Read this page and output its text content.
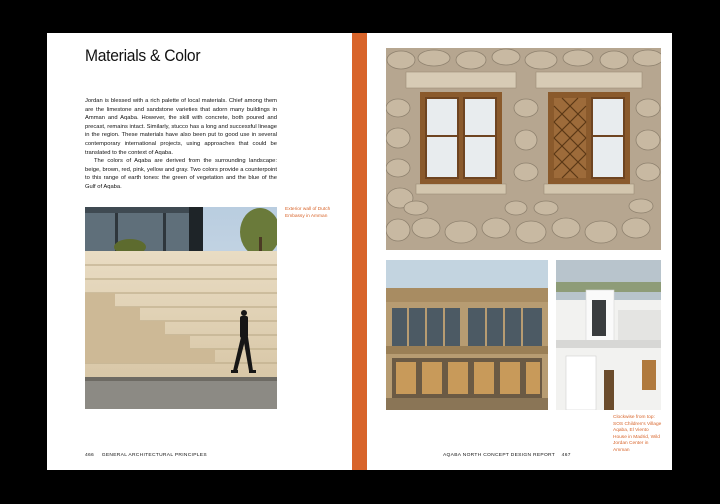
Materials & Color

Jordan is blessed with a rich palette of local materials. Chief among them are the limestone and sandstone varieties that adorn many buildings in Amman and Aqaba. However, the skill with concrete, both poured and precast, remains intact. Similarly, stucco has a long and successful lineage in the region. These materials have also been put to good use in several contemporary international projects, using approaches that could be translated to the context of Aqaba.

The colors of Aqaba are derived from the surrounding landscape: beige, brown, red, pink, yellow and gray. Two colors provide a counterpoint to this range of earth tones: the green of vegetation and the blue of the Gulf of Aqaba.

Exterior wall of Dutch Embassy in Amman
466 GENERAL ARCHITECTURAL PRINCIPLES
Clockwise from top: SOS Children's Village Aqaba, El Viento House in Madrid, Wild Jordan Center in Amman
AQABA NORTH CONCEPT DESIGN REPORT 467
